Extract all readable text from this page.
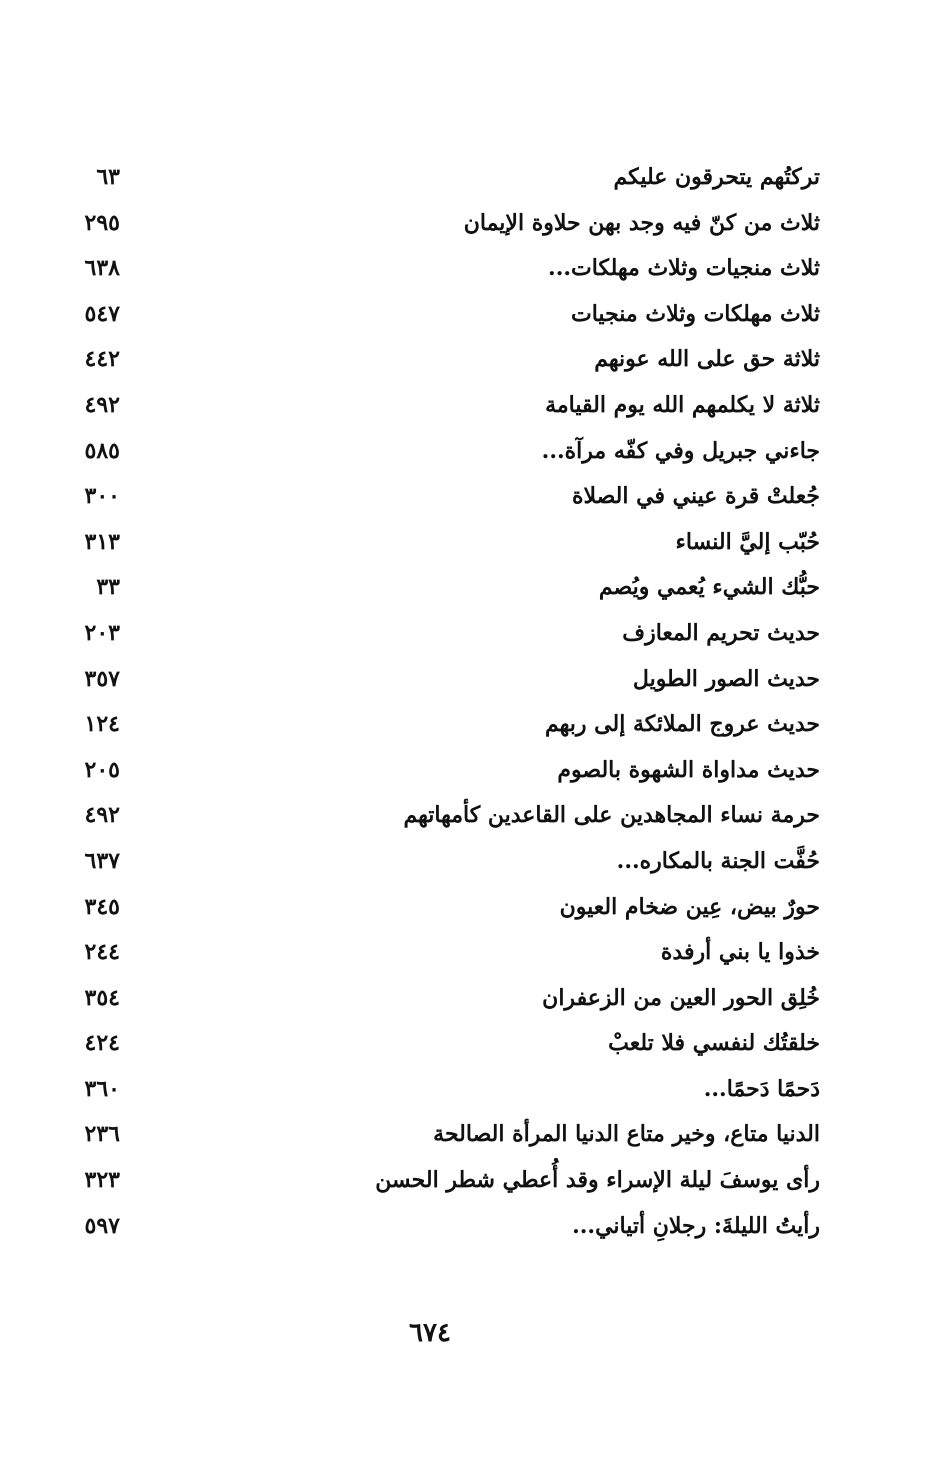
تركتُهم يتحرقون عليكم
٦٣
ثلاث من كنّ فيه وجد بهن حلاوة الإيمان
٢٩٥
ثلاث منجيات وثلاث مهلكات...
٦٣٨
ثلاث مهلكات وثلاث منجيات
٥٤٧
ثلاثة حق على الله عونهم
٤٤٢
ثلاثة لا يكلمهم الله يوم القيامة
٤٩٢
جاءني جبريل وفي كفّه مرآة...
٥٨٥
جُعلتْ قرة عيني في الصلاة
٣٠٠
حُبّب إليَّ النساء
٣١٣
حبُّك الشيء يُعمي ويُصم
٣٣
حديث تحريم المعازف
٢٠٣
حديث الصور الطويل
٣٥٧
حديث عروج الملائكة إلى ربهم
١٢٤
حديث مداواة الشهوة بالصوم
٢٠٥
حرمة نساء المجاهدين على القاعدين كأمهاتهم
٤٩٢
حُفَّت الجنة بالمكاره...
٦٣٧
حورٌ بيض، عِين ضخام العيون
٣٤٥
خذوا يا بني أرفدة
٢٤٤
خُلِق الحور العين من الزعفران
٣٥٤
خلقتُك لنفسي فلا تلعبْ
٤٢٤
دَحمًا دَحمًا...
٣٦٠
الدنيا متاع، وخير متاع الدنيا المرأة الصالحة
٢٣٦
رأى يوسفَ ليلة الإسراء وقد أُعطي شطر الحسن
٣٢٣
رأيتُ الليلةَ: رجلانِ أتياني...
٥٩٧
٦٧٤
